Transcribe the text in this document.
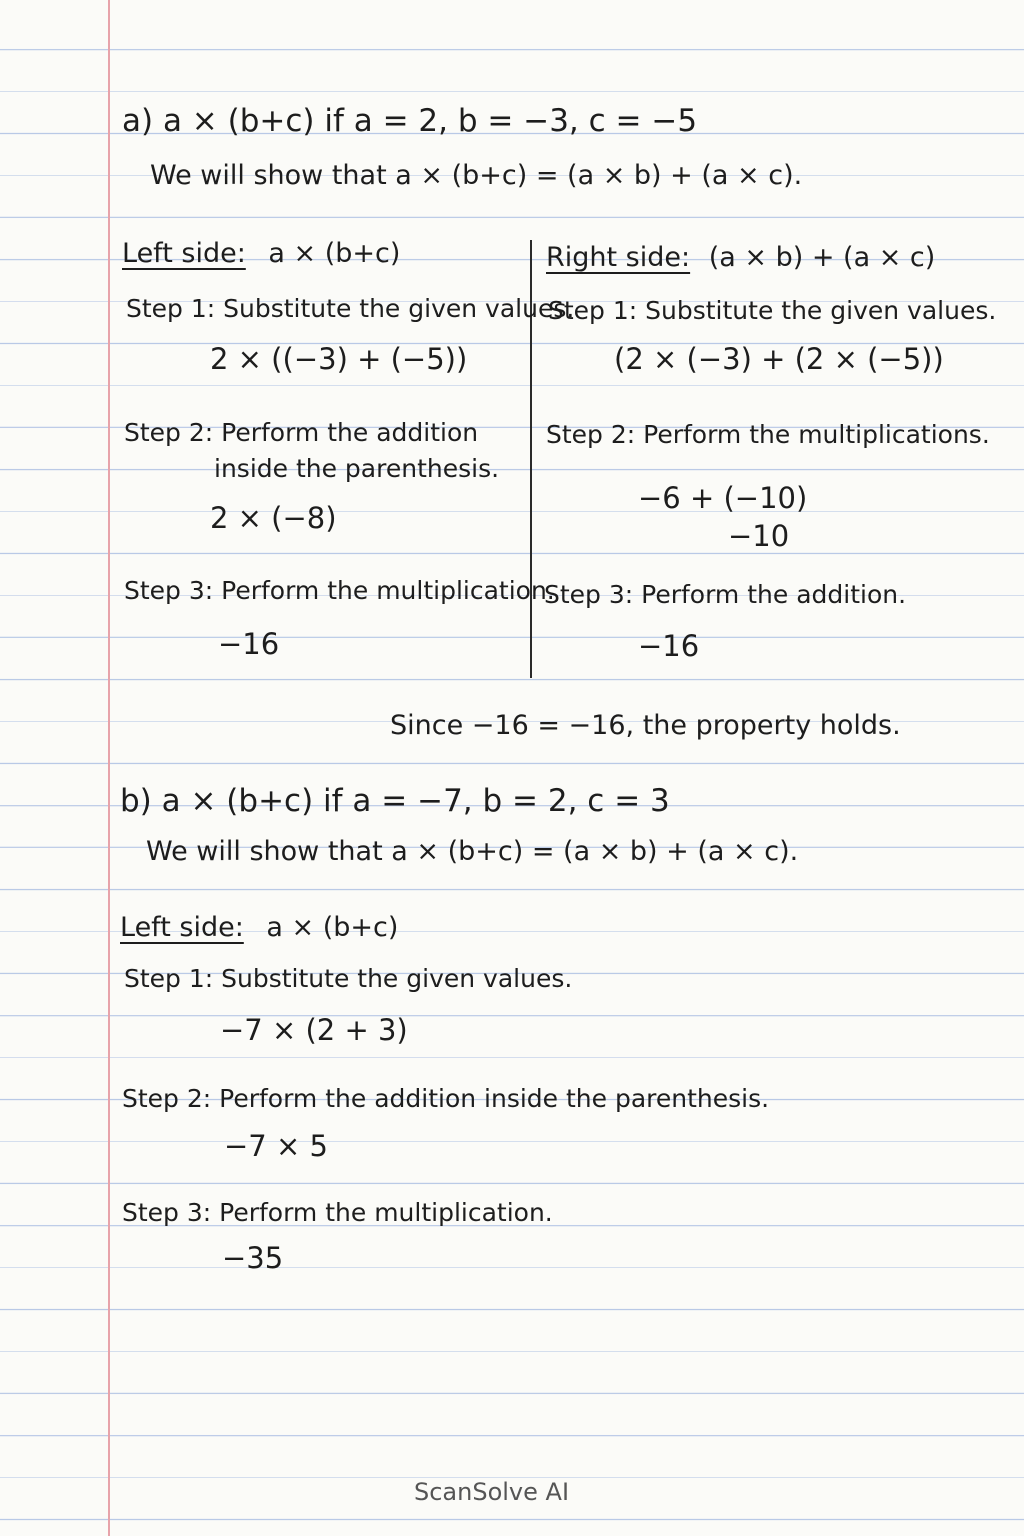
a) a × (b+c) if a = 2, b = −3, c = −5
We will show that a × (b+c) = (a × b) + (a × c).
Left side: a × (b+c)
Step 1: Substitute the given values.
2 × ((−3) + (−5))
Step 2: Perform the addition
inside the parenthesis.
2 × (−8)
Step 3: Perform the multiplication.
−16
Right side: (a × b) + (a × c)
Step 1: Substitute the given values.
(2 × (−3) + (2 × (−5))
Step 2: Perform the multiplications.
−6 + (−10)
−10
Step 3: Perform the addition.
−16
Since −16 = −16, the property holds.
b) a × (b+c) if a = −7, b = 2, c = 3
We will show that a × (b+c) = (a × b) + (a × c).
Left side: a × (b+c)
Step 1: Substitute the given values.
−7 × (2 + 3)
Step 2: Perform the addition inside the parenthesis.
−7 × 5
Step 3: Perform the multiplication.
−35
ScanSolve AI
